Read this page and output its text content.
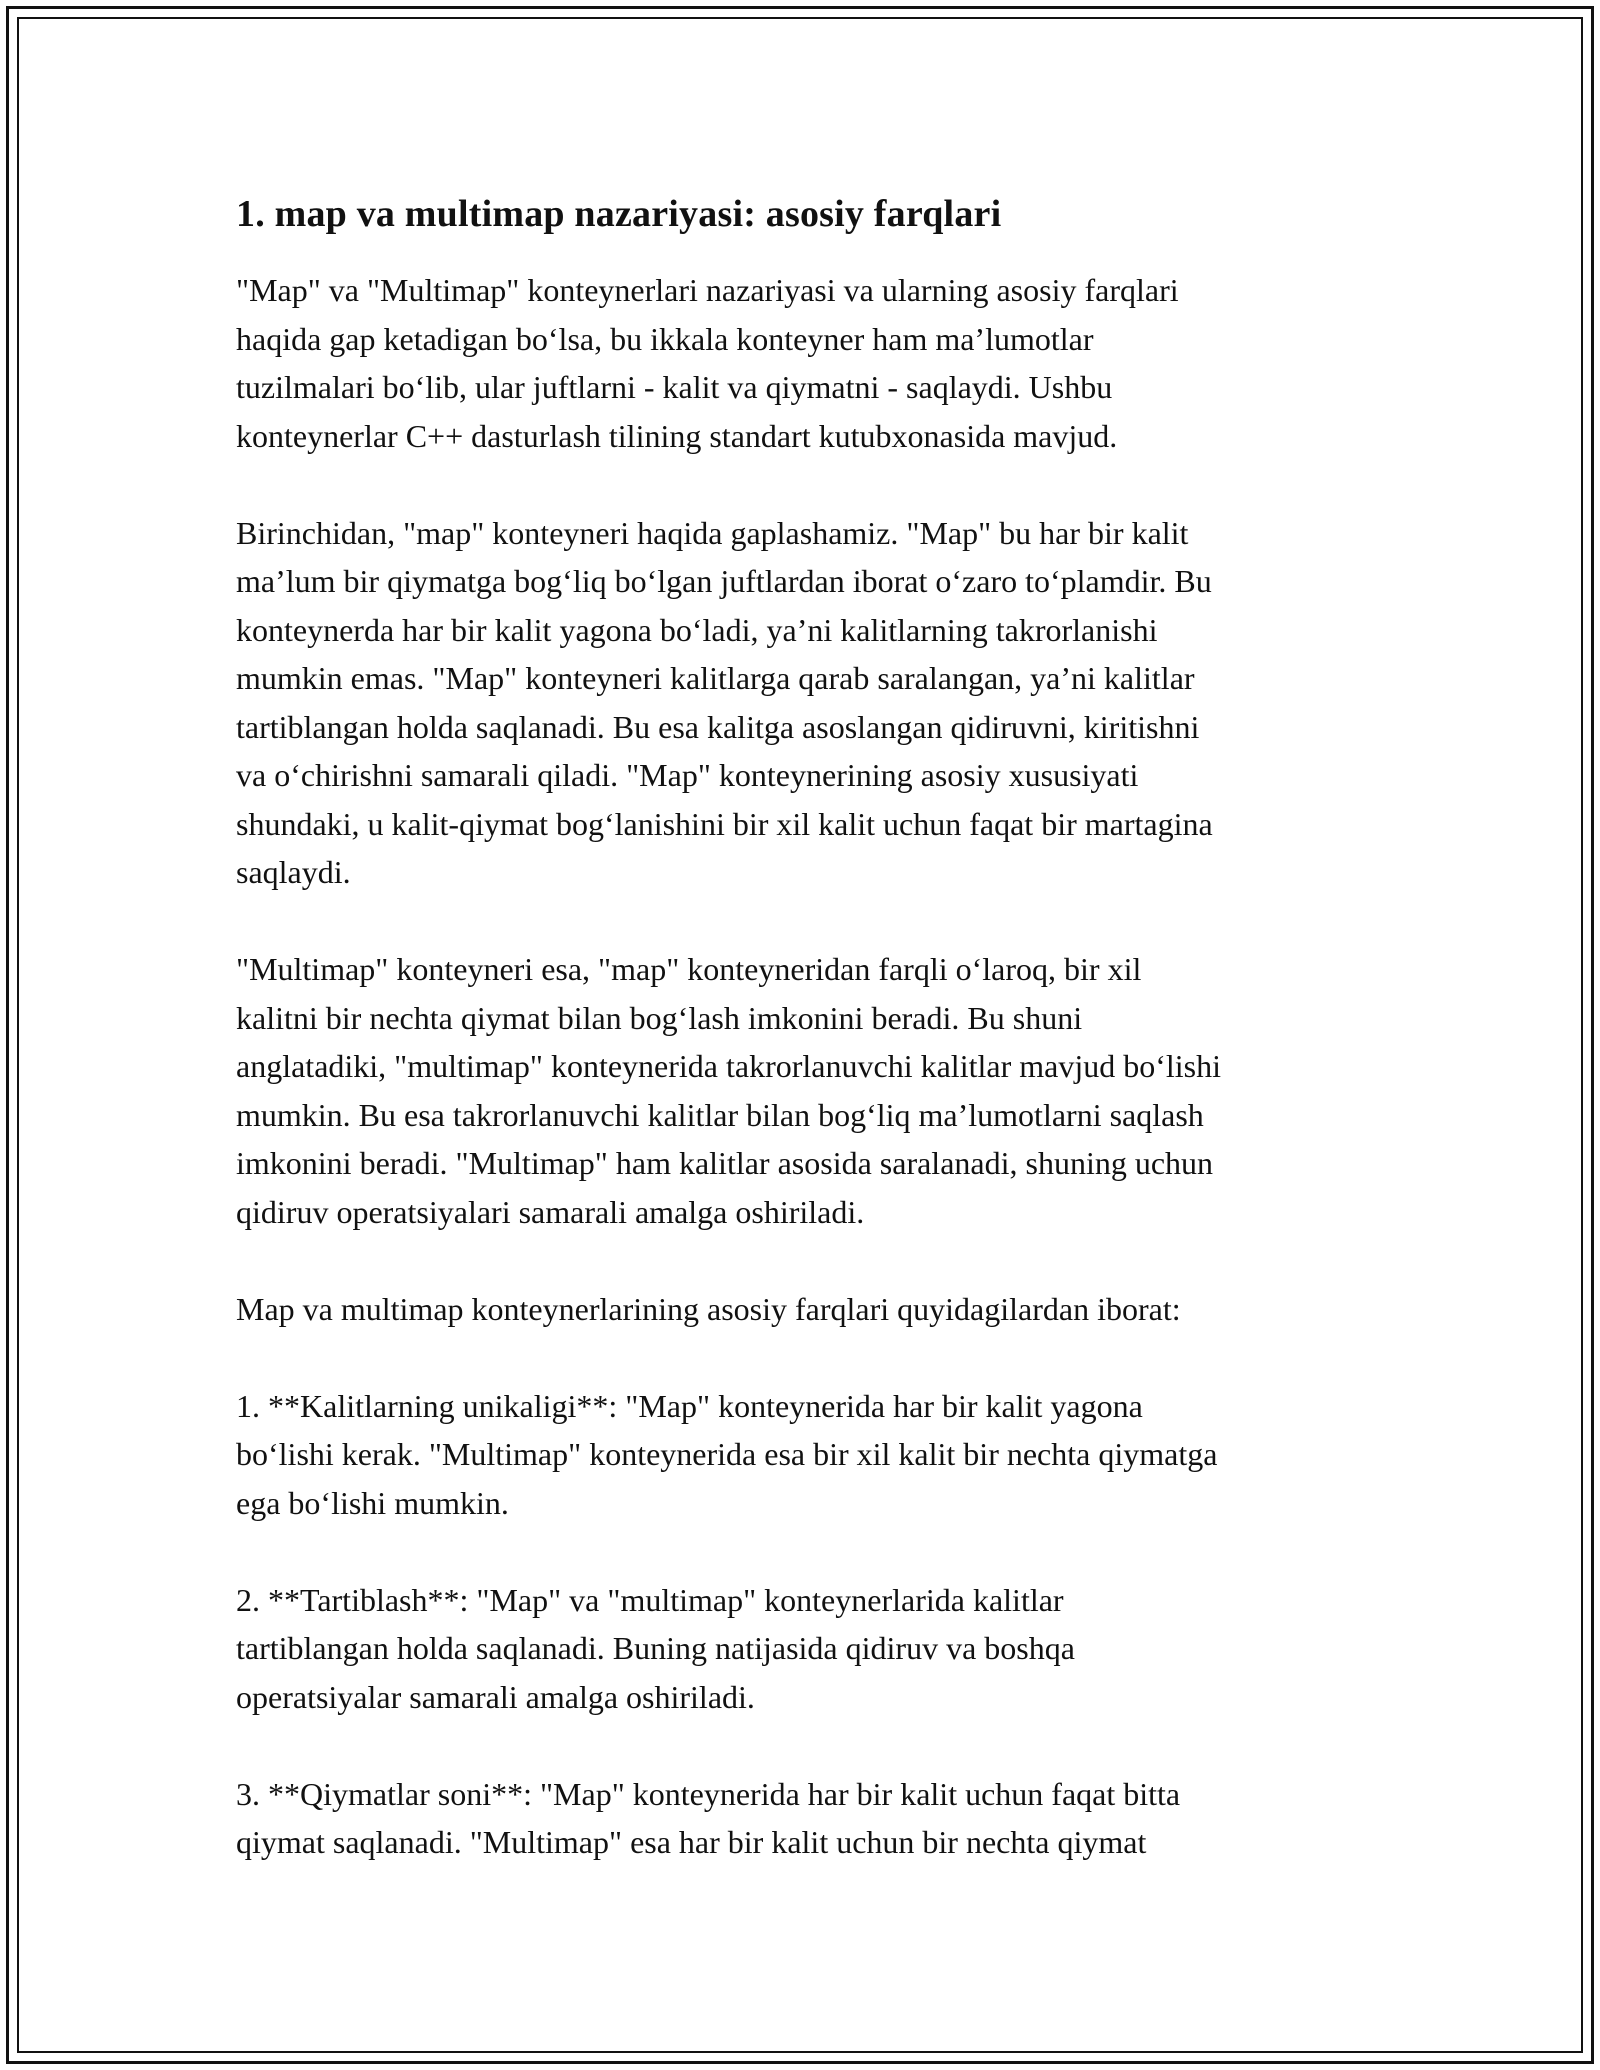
1. map va multimap nazariyasi: asosiy farqlari

"Map" va "Multimap" konteynerlari nazariyasi va ularning asosiy farqlari
haqida gap ketadigan bo‘lsa, bu ikkala konteyner ham ma’lumotlar
tuzilmalari bo‘lib, ular juftlarni - kalit va qiymatni - saqlaydi. Ushbu
konteynerlar C++ dasturlash tilining standart kutubxonasida mavjud.

Birinchidan, "map" konteyneri haqida gaplashamiz. "Map" bu har bir kalit
ma’lum bir qiymatga bog‘liq bo‘lgan juftlardan iborat o‘zaro to‘plamdir. Bu
konteynerda har bir kalit yagona bo‘ladi, ya’ni kalitlarning takrorlanishi
mumkin emas. "Map" konteyneri kalitlarga qarab saralangan, ya’ni kalitlar
tartiblangan holda saqlanadi. Bu esa kalitga asoslangan qidiruvni, kiritishni
va o‘chirishni samarali qiladi. "Map" konteynerining asosiy xususiyati
shundaki, u kalit-qiymat bog‘lanishini bir xil kalit uchun faqat bir martagina
saqlaydi.

"Multimap" konteyneri esa, "map" konteyneridan farqli o‘laroq, bir xil
kalitni bir nechta qiymat bilan bog‘lash imkonini beradi. Bu shuni
anglatadiki, "multimap" konteynerida takrorlanuvchi kalitlar mavjud bo‘lishi
mumkin. Bu esa takrorlanuvchi kalitlar bilan bog‘liq ma’lumotlarni saqlash
imkonini beradi. "Multimap" ham kalitlar asosida saralanadi, shuning uchun
qidiruv operatsiyalari samarali amalga oshiriladi.

Map va multimap konteynerlarining asosiy farqlari quyidagilardan iborat:

1. **Kalitlarning unikaligi**: "Map" konteynerida har bir kalit yagona
bo‘lishi kerak. "Multimap" konteynerida esa bir xil kalit bir nechta qiymatga
ega bo‘lishi mumkin.

2. **Tartiblash**: "Map" va "multimap" konteynerlarida kalitlar
tartiblangan holda saqlanadi. Buning natijasida qidiruv va boshqa
operatsiyalar samarali amalga oshiriladi.

3. **Qiymatlar soni**: "Map" konteynerida har bir kalit uchun faqat bitta
qiymat saqlanadi. "Multimap" esa har bir kalit uchun bir nechta qiymat
